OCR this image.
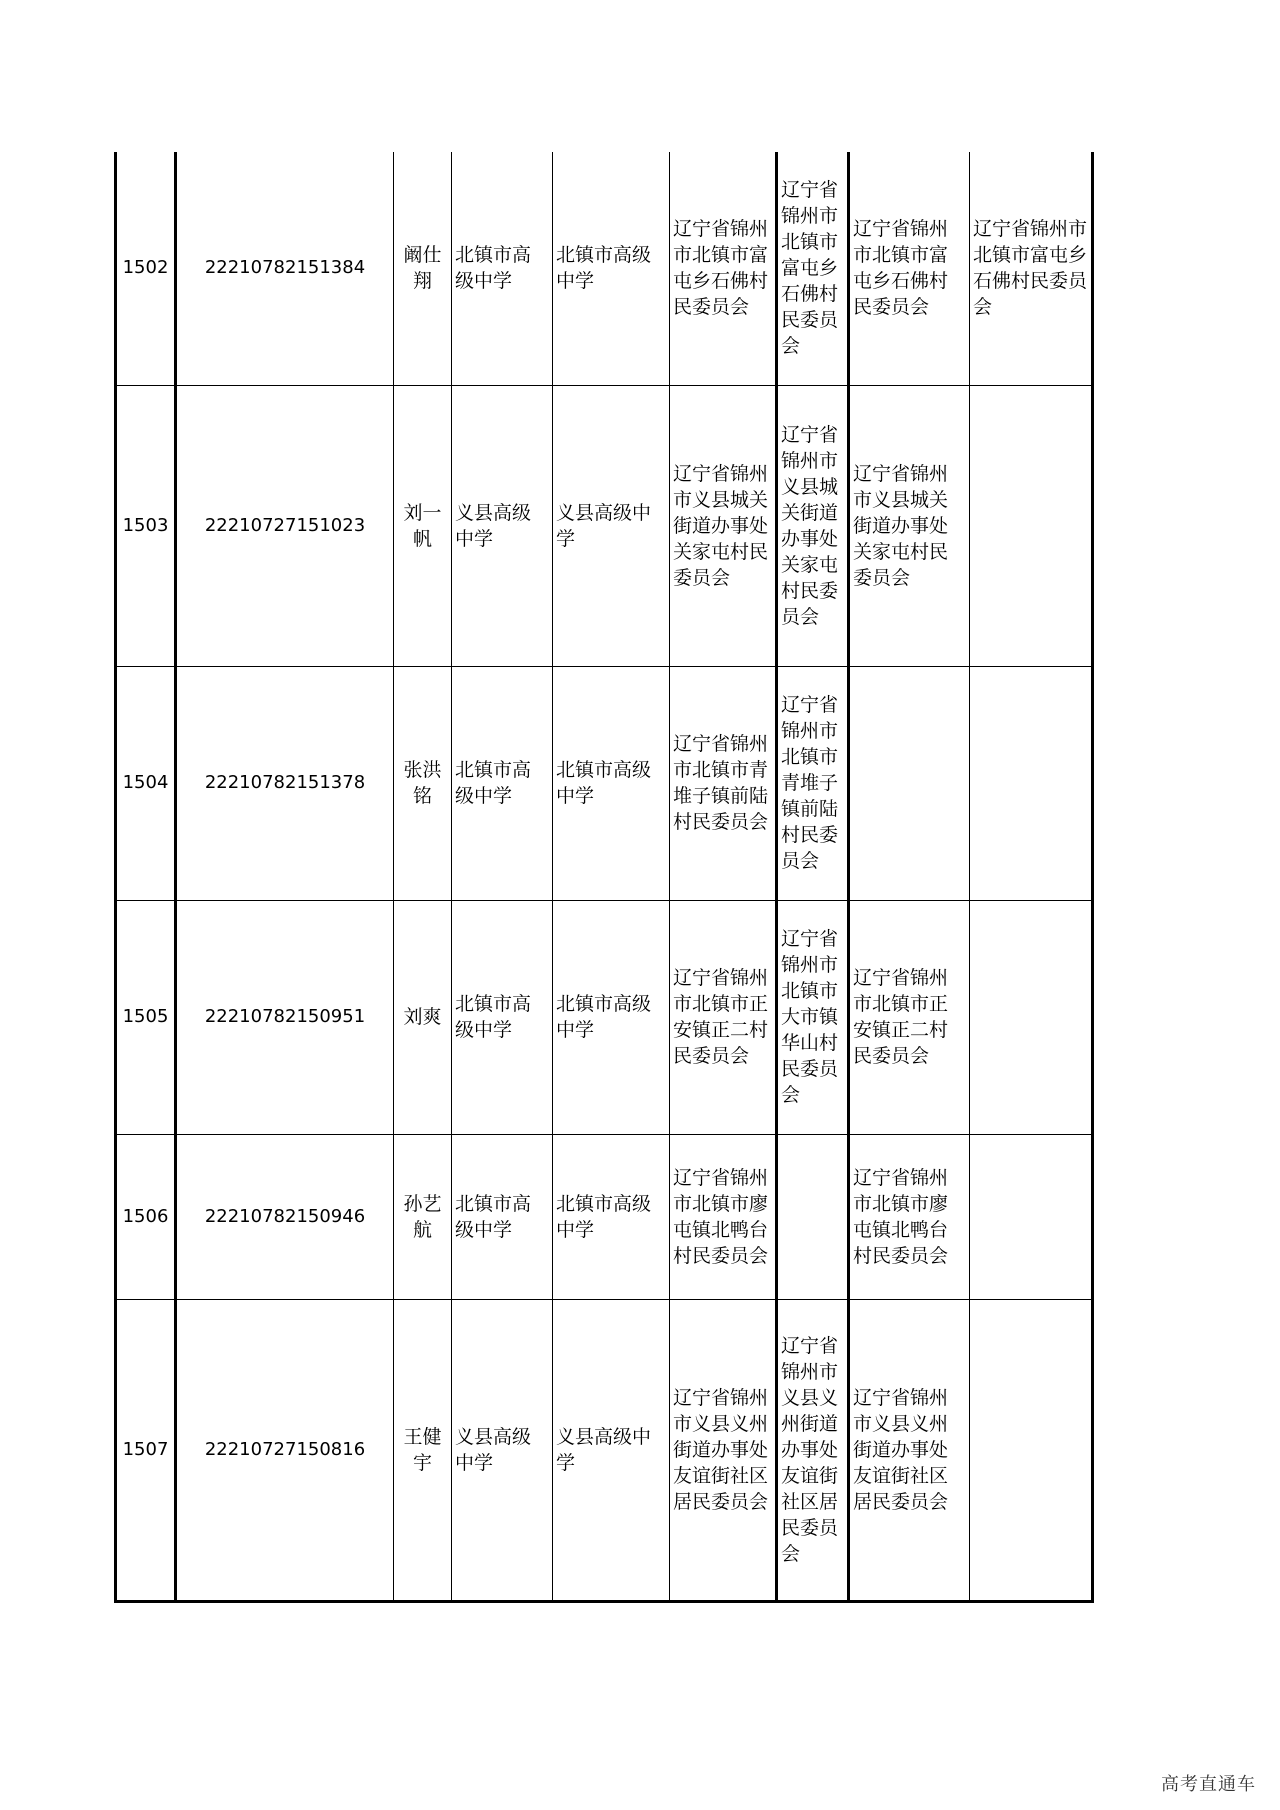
1502	22210782151384	阚仕翔	北镇市高级中学	北镇市高级中学	辽宁省锦州市北镇市富屯乡石佛村民委员会	辽宁省锦州市北镇市富屯乡石佛村民委员会	辽宁省锦州市北镇市富屯乡石佛村民委员会	辽宁省锦州市北镇市富屯乡石佛村民委员会
1503	22210727151023	刘一帆	义县高级中学	义县高级中学	辽宁省锦州市义县城关街道办事处关家屯村民委员会	辽宁省锦州市义县城关街道办事处关家屯村民委员会	辽宁省锦州市义县城关街道办事处关家屯村民委员会	
1504	22210782151378	张洪铭	北镇市高级中学	北镇市高级中学	辽宁省锦州市北镇市青堆子镇前陆村民委员会	辽宁省锦州市北镇市青堆子镇前陆村民委员会		
1505	22210782150951	刘爽	北镇市高级中学	北镇市高级中学	辽宁省锦州市北镇市正安镇正二村民委员会	辽宁省锦州市北镇市大市镇华山村民委员会	辽宁省锦州市北镇市正安镇正二村民委员会	
1506	22210782150946	孙艺航	北镇市高级中学	北镇市高级中学	辽宁省锦州市北镇市廖屯镇北鸭台村民委员会		辽宁省锦州市北镇市廖屯镇北鸭台村民委员会	
1507	22210727150816	王健宇	义县高级中学	义县高级中学	辽宁省锦州市义县义州街道办事处友谊街社区居民委员会	辽宁省锦州市义县义州街道办事处友谊街社区居民委员会	辽宁省锦州市义县义州街道办事处友谊街社区居民委员会	
高考直通车
